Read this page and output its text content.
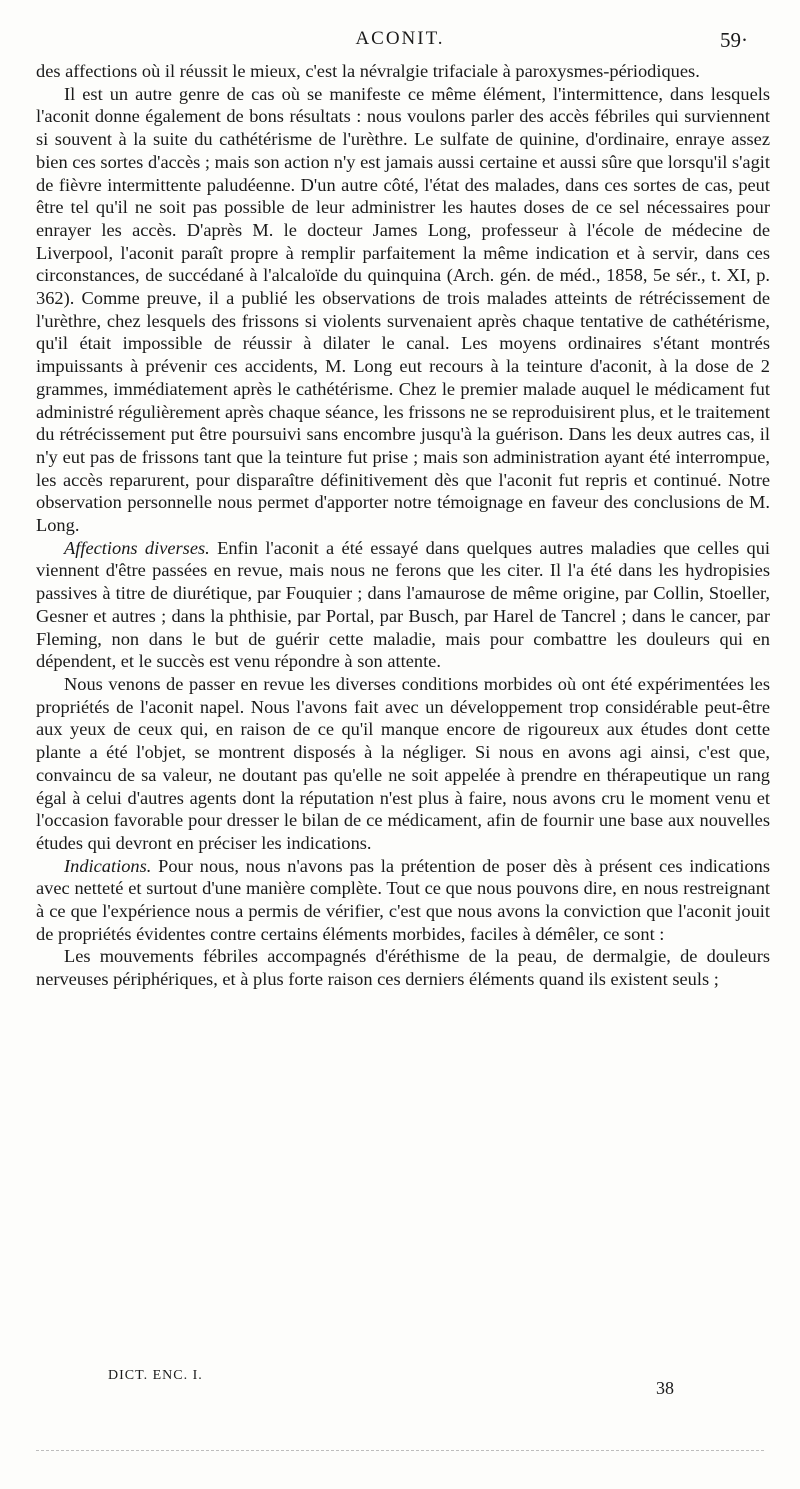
ACONIT.	59·

des affections où il réussit le mieux, c'est la névralgie trifaciale à paroxysmes-périodiques.

Il est un autre genre de cas où se manifeste ce même élément, l'intermittence, dans lesquels l'aconit donne également de bons résultats : nous voulons parler des accès fébriles qui surviennent si souvent à la suite du cathétérisme de l'urèthre. Le sulfate de quinine, d'ordinaire, enraye assez bien ces sortes d'accès ; mais son action n'y est jamais aussi certaine et aussi sûre que lorsqu'il s'agit de fièvre intermittente paludéenne. D'un autre côté, l'état des malades, dans ces sortes de cas, peut être tel qu'il ne soit pas possible de leur administrer les hautes doses de ce sel nécessaires pour enrayer les accès. D'après M. le docteur James Long, professeur à l'école de médecine de Liverpool, l'aconit paraît propre à remplir parfaitement la même indication et à servir, dans ces circonstances, de succédané à l'alcaloïde du quinquina (Arch. gén. de méd., 1858, 5e sér., t. XI, p. 362). Comme preuve, il a publié les observations de trois malades atteints de rétrécissement de l'urèthre, chez lesquels des frissons si violents survenaient après chaque tentative de cathétérisme, qu'il était impossible de réussir à dilater le canal. Les moyens ordinaires s'étant montrés impuissants à prévenir ces accidents, M. Long eut recours à la teinture d'aconit, à la dose de 2 grammes, immédiatement après le cathétérisme. Chez le premier malade auquel le médicament fut administré régulièrement après chaque séance, les frissons ne se reproduisirent plus, et le traitement du rétrécissement put être poursuivi sans encombre jusqu'à la guérison. Dans les deux autres cas, il n'y eut pas de frissons tant que la teinture fut prise ; mais son administration ayant été interrompue, les accès reparurent, pour disparaître définitivement dès que l'aconit fut repris et continué. Notre observation personnelle nous permet d'apporter notre témoignage en faveur des conclusions de M. Long.

Affections diverses. Enfin l'aconit a été essayé dans quelques autres maladies que celles qui viennent d'être passées en revue, mais nous ne ferons que les citer. Il l'a été dans les hydropisies passives à titre de diurétique, par Fouquier ; dans l'amaurose de même origine, par Collin, Stoeller, Gesner et autres ; dans la phthisie, par Portal, par Busch, par Harel de Tancrel ; dans le cancer, par Fleming, non dans le but de guérir cette maladie, mais pour combattre les douleurs qui en dépendent, et le succès est venu répondre à son attente.

Nous venons de passer en revue les diverses conditions morbides où ont été expérimentées les propriétés de l'aconit napel. Nous l'avons fait avec un développement trop considérable peut-être aux yeux de ceux qui, en raison de ce qu'il manque encore de rigoureux aux études dont cette plante a été l'objet, se montrent disposés à la négliger. Si nous en avons agi ainsi, c'est que, convaincu de sa valeur, ne doutant pas qu'elle ne soit appelée à prendre en thérapeutique un rang égal à celui d'autres agents dont la réputation n'est plus à faire, nous avons cru le moment venu et l'occasion favorable pour dresser le bilan de ce médicament, afin de fournir une base aux nouvelles études qui devront en préciser les indications.

Indications. Pour nous, nous n'avons pas la prétention de poser dès à présent ces indications avec netteté et surtout d'une manière complète. Tout ce que nous pouvons dire, en nous restreignant à ce que l'expérience nous a permis de vérifier, c'est que nous avons la conviction que l'aconit jouit de propriétés évidentes contre certains éléments morbides, faciles à démêler, ce sont :

Les mouvements fébriles accompagnés d'éréthisme de la peau, de dermalgie, de douleurs nerveuses périphériques, et à plus forte raison ces derniers éléments quand ils existent seuls ;

DICT. ENC. I.
38
